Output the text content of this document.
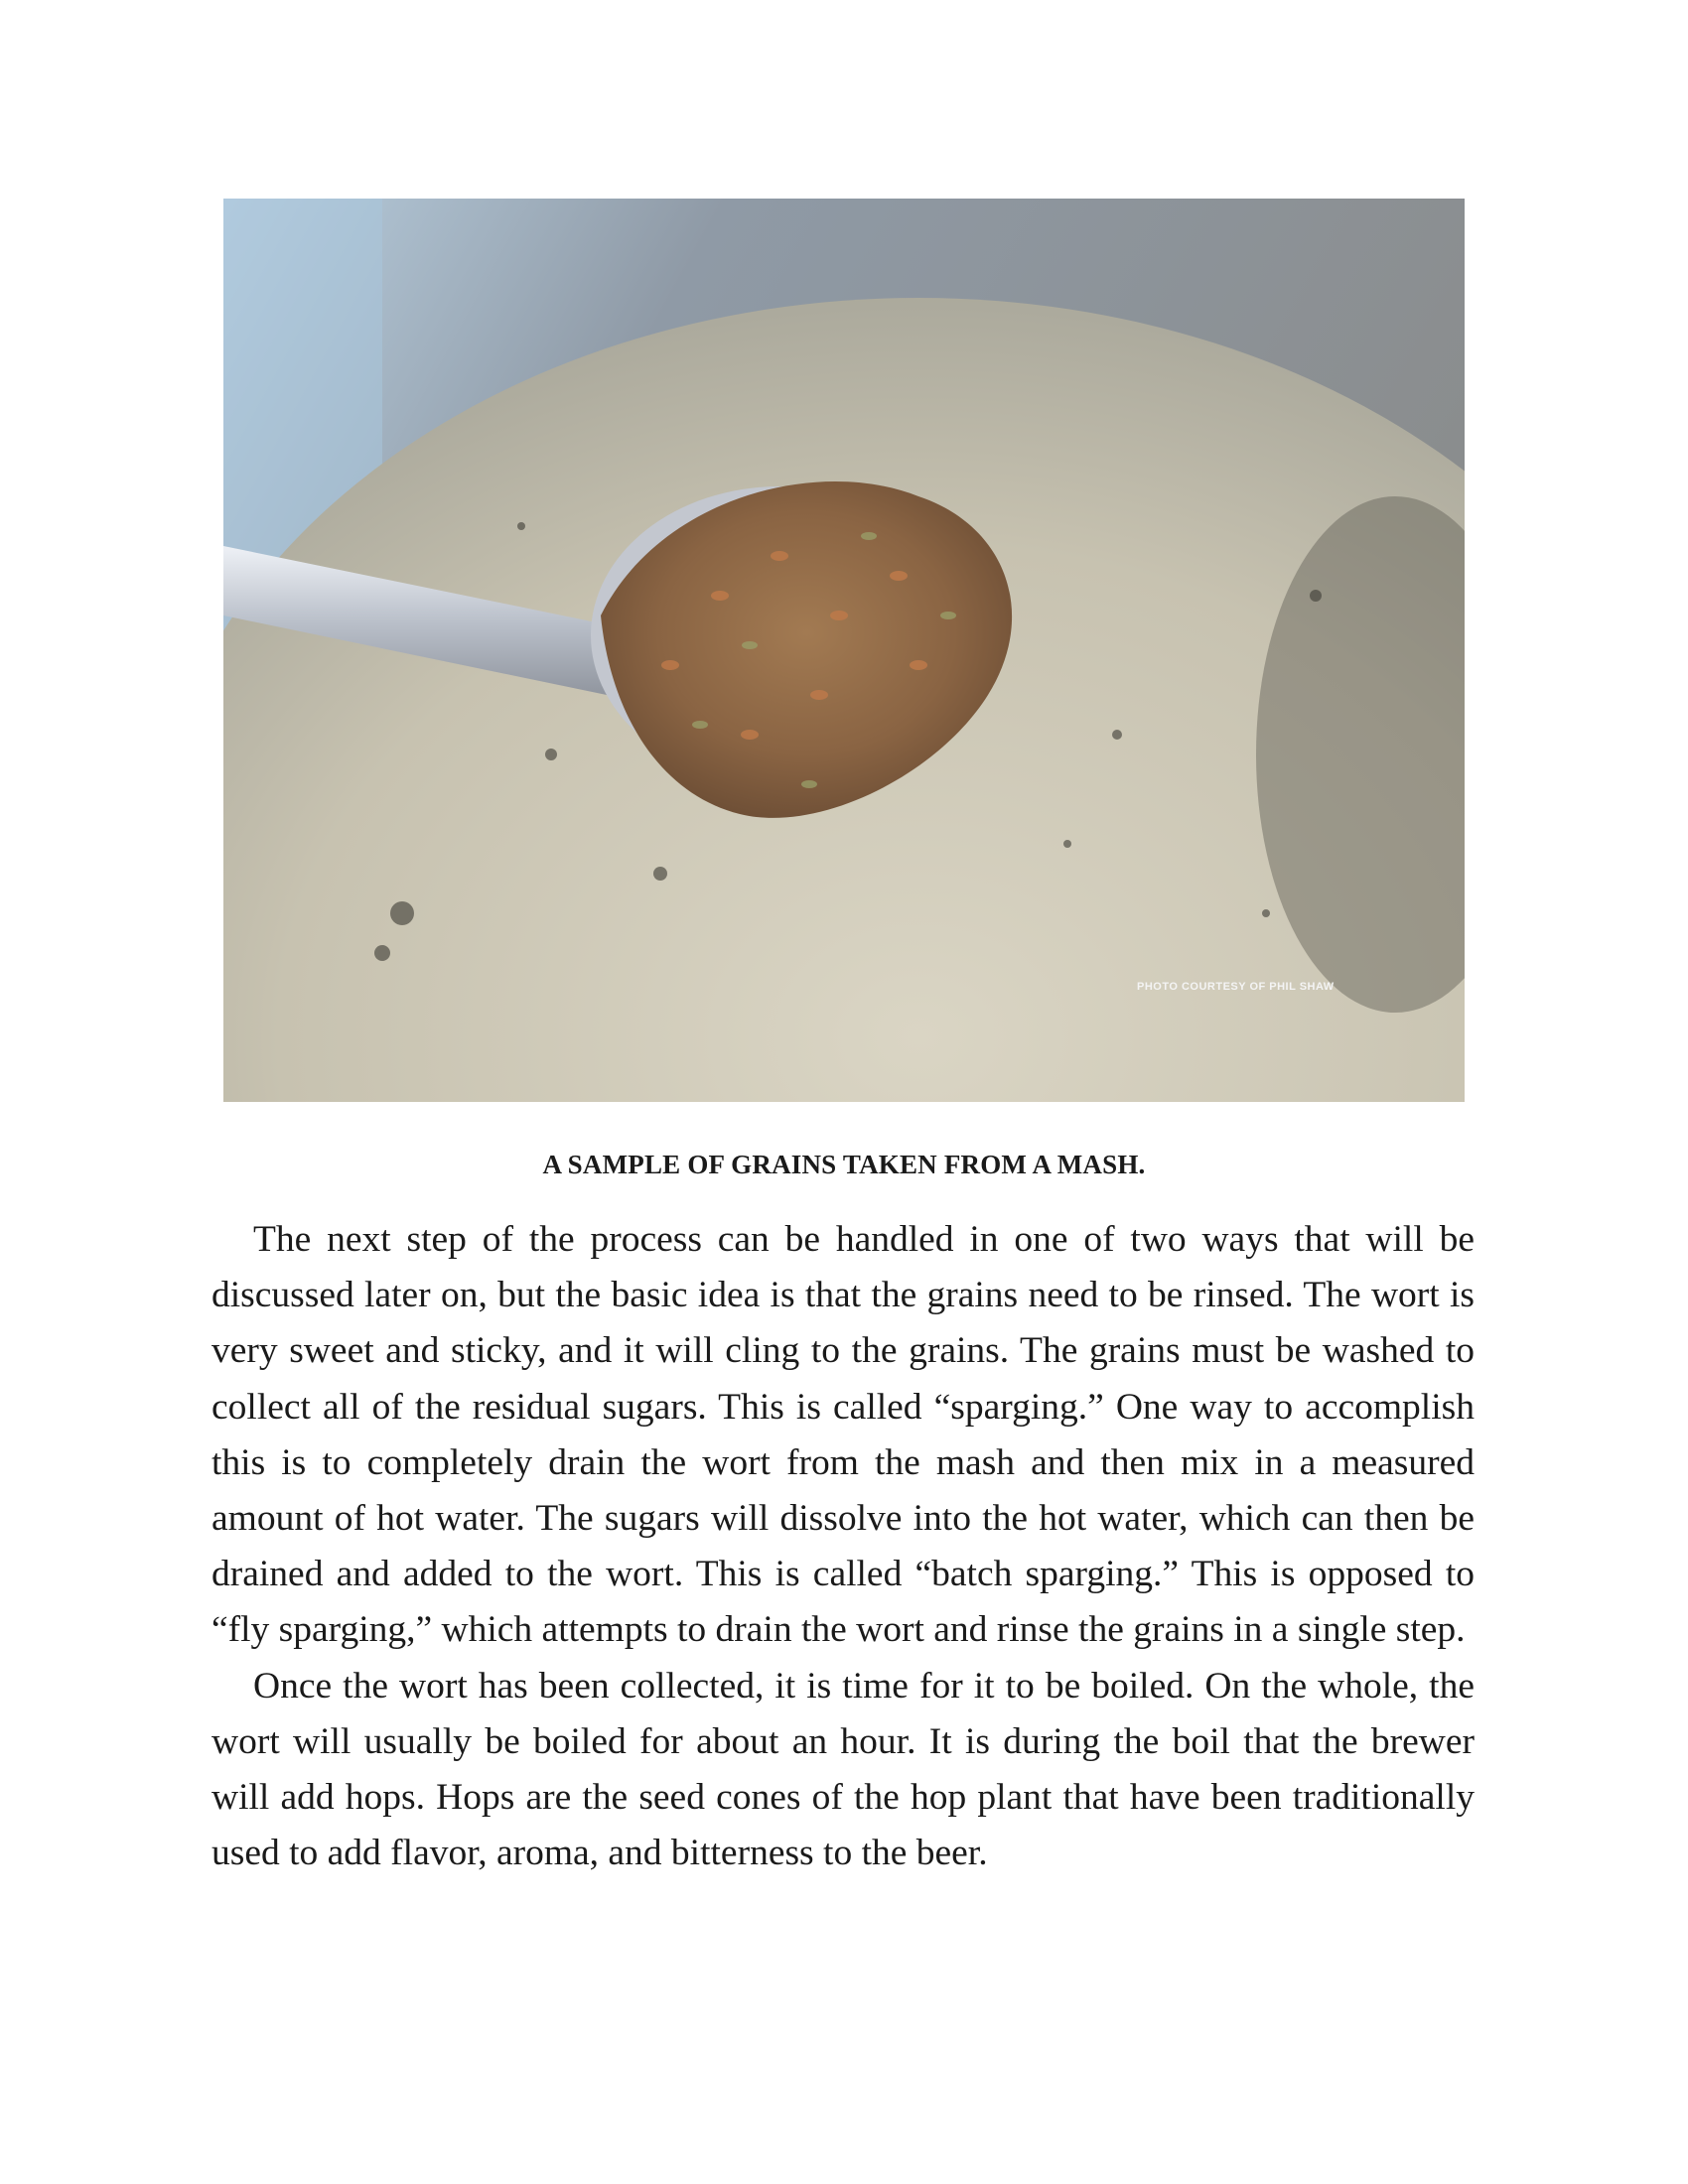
PHOTO COURTESY OF PHIL SHAW
A SAMPLE OF GRAINS TAKEN FROM A MASH.

The next step of the process can be handled in one of two ways that will be discussed later on, but the basic idea is that the grains need to be rinsed. The wort is very sweet and sticky, and it will cling to the grains. The grains must be washed to collect all of the residual sugars. This is called “sparging.” One way to accomplish this is to completely drain the wort from the mash and then mix in a measured amount of hot water. The sugars will dissolve into the hot water, which can then be drained and added to the wort. This is called “batch sparging.” This is opposed to “fly sparging,” which attempts to drain the wort and rinse the grains in a single step.

Once the wort has been collected, it is time for it to be boiled. On the whole, the wort will usually be boiled for about an hour. It is during the boil that the brewer will add hops. Hops are the seed cones of the hop plant that have been traditionally used to add flavor, aroma, and bitterness to the beer.
